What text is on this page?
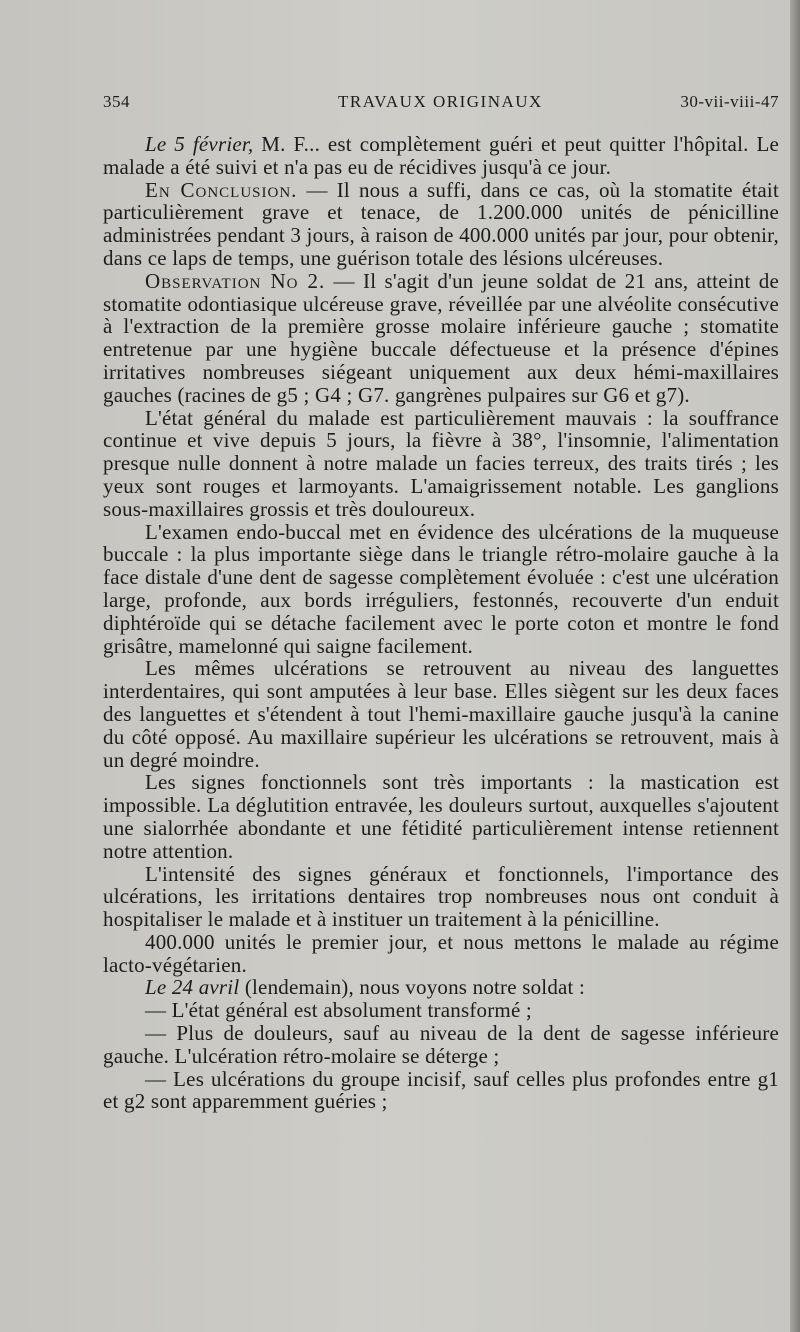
354	TRAVAUX ORIGINAUX	30-vii-viii-47

Le 5 février, M. F... est complètement guéri et peut quitter l'hôpital. Le malade a été suivi et n'a pas eu de récidives jusqu'à ce jour.

En Conclusion. — Il nous a suffi, dans ce cas, où la stomatite était particulièrement grave et tenace, de 1.200.000 unités de pénicilline administrées pendant 3 jours, à raison de 400.000 unités par jour, pour obtenir, dans ce laps de temps, une guérison totale des lésions ulcéreuses.

Observation No 2. — Il s'agit d'un jeune soldat de 21 ans, atteint de stomatite odontiasique ulcéreuse grave, réveillée par une alvéolite consécutive à l'extraction de la première grosse molaire inférieure gauche ; stomatite entretenue par une hygiène buccale défectueuse et la présence d'épines irritatives nombreuses siégeant uniquement aux deux hémi-maxillaires gauches (racines de g5 ; G4 ; G7. gangrènes pulpaires sur G6 et g7).

L'état général du malade est particulièrement mauvais : la souffrance continue et vive depuis 5 jours, la fièvre à 38°, l'insomnie, l'alimentation presque nulle donnent à notre malade un facies terreux, des traits tirés ; les yeux sont rouges et larmoyants. L'amaigrissement notable. Les ganglions sous-maxillaires grossis et très douloureux.

L'examen endo-buccal met en évidence des ulcérations de la muqueuse buccale : la plus importante siège dans le triangle rétro-molaire gauche à la face distale d'une dent de sagesse complètement évoluée : c'est une ulcération large, profonde, aux bords irréguliers, festonnés, recouverte d'un enduit diphtéroïde qui se détache facilement avec le porte coton et montre le fond grisâtre, mamelonné qui saigne facilement.

Les mêmes ulcérations se retrouvent au niveau des languettes interdentaires, qui sont amputées à leur base. Elles siègent sur les deux faces des languettes et s'étendent à tout l'hemi-maxillaire gauche jusqu'à la canine du côté opposé. Au maxillaire supérieur les ulcérations se retrouvent, mais à un degré moindre.

Les signes fonctionnels sont très importants : la mastication est impossible. La déglutition entravée, les douleurs surtout, auxquelles s'ajoutent une sialorrhée abondante et une fétidité particulièrement intense retiennent notre attention.

L'intensité des signes généraux et fonctionnels, l'importance des ulcérations, les irritations dentaires trop nombreuses nous ont conduit à hospitaliser le malade et à instituer un traitement à la pénicilline.

400.000 unités le premier jour, et nous mettons le malade au régime lacto-végétarien.

Le 24 avril (lendemain), nous voyons notre soldat :

— L'état général est absolument transformé ;

— Plus de douleurs, sauf au niveau de la dent de sagesse inférieure gauche. L'ulcération rétro-molaire se déterge ;

— Les ulcérations du groupe incisif, sauf celles plus profondes entre g1 et g2 sont apparemment guéries ;
